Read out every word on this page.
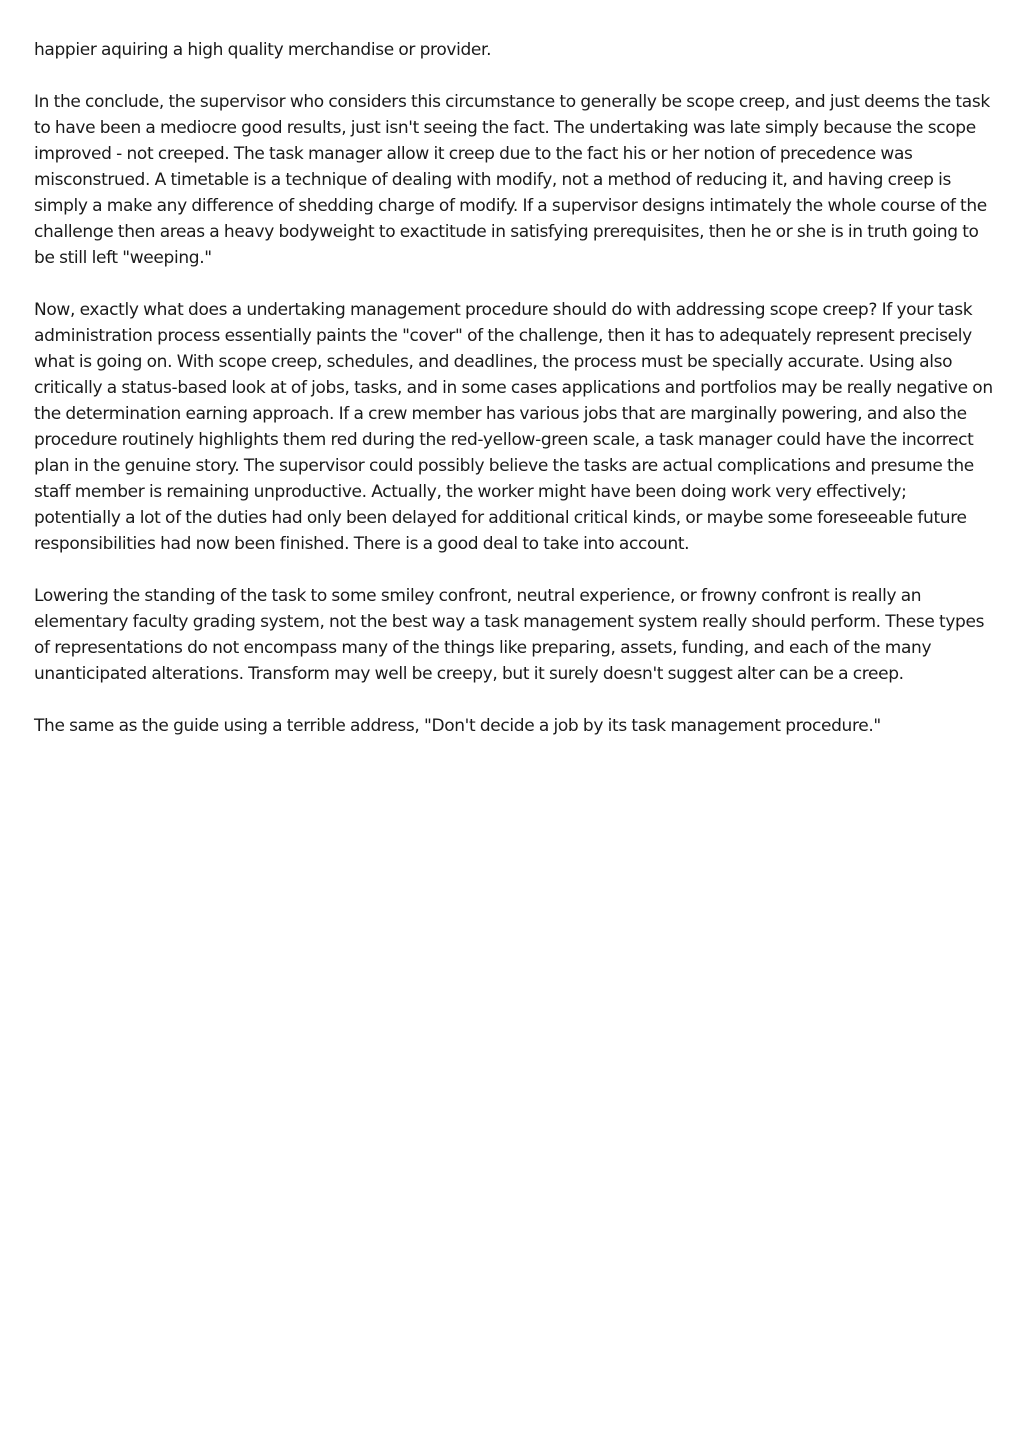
happier aquiring a high quality merchandise or provider.

In the conclude, the supervisor who considers this circumstance to generally be scope creep, and just deems the task to have been a mediocre good results, just isn't seeing the fact. The undertaking was late simply because the scope improved - not creeped. The task manager allow it creep due to the fact his or her notion of precedence was misconstrued. A timetable is a technique of dealing with modify, not a method of reducing it, and having creep is simply a make any difference of shedding charge of modify. If a supervisor designs intimately the whole course of the challenge then areas a heavy bodyweight to exactitude in satisfying prerequisites, then he or she is in truth going to be still left "weeping."

Now, exactly what does a undertaking management procedure should do with addressing scope creep? If your task administration process essentially paints the "cover" of the challenge, then it has to adequately represent precisely what is going on. With scope creep, schedules, and deadlines, the process must be specially accurate. Using also critically a status-based look at of jobs, tasks, and in some cases applications and portfolios may be really negative on the determination earning approach. If a crew member has various jobs that are marginally powering, and also the procedure routinely highlights them red during the red-yellow-green scale, a task manager could have the incorrect plan in the genuine story. The supervisor could possibly believe the tasks are actual complications and presume the staff member is remaining unproductive. Actually, the worker might have been doing work very effectively; potentially a lot of the duties had only been delayed for additional critical kinds, or maybe some foreseeable future responsibilities had now been finished. There is a good deal to take into account.

Lowering the standing of the task to some smiley confront, neutral experience, or frowny confront is really an elementary faculty grading system, not the best way a task management system really should perform. These types of representations do not encompass many of the things like preparing, assets, funding, and each of the many unanticipated alterations. Transform may well be creepy, but it surely doesn't suggest alter can be a creep.

The same as the guide using a terrible address, "Don't decide a job by its task management procedure."
